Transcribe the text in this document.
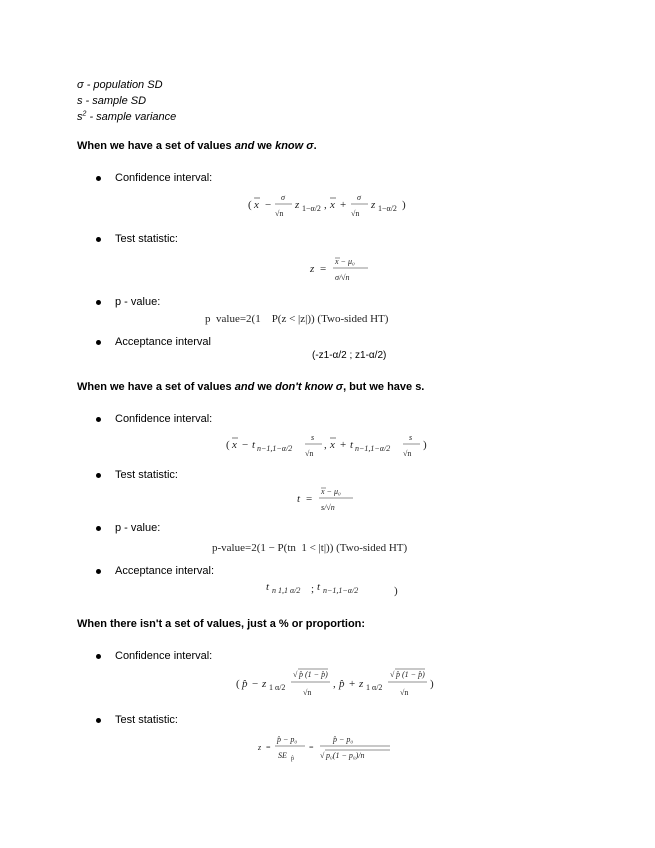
σ - population SD
s - sample SD
$s^2$ - sample variance
When we have a set of values and we know σ.
Confidence interval:
( x −
σ
√n
z 1−α/2 , x +
σ
√n
z 1−α/2 )
Test statistic:
z =
x − μ₀
σ/√n
p - value:
p  value=2(1    P(z < |z|)) (Two-sided HT)
Acceptance interval
(-z1-α/2 ; z1-α/2)
When we have a set of values and we don't know σ, but we have s.
Confidence interval:
( x − t n−1,1−α/2
s
√n
, x + t n−1,1−α/2
s
√n
)
Test statistic:
t =
x − μ₀
s/√n
p - value:
p-value=2(1 − P(tn  1 < |t|)) (Two-sided HT)
Acceptance interval:
t n 1,1 α/2 ; t n−1,1−α/2	)
When there isn't a set of values, just a % or proportion:
Confidence interval:
( p̂ − z 1 α/2
√ p̂ (1 − p̂)
√n
, p̂ + z 1 α/2
√ p̂ (1 − p̂)
√n
)
Test statistic:
z =
p̂ − p₀
SE p̂
=
p̂ − p₀
√ p₀(1 − p₀)/n
